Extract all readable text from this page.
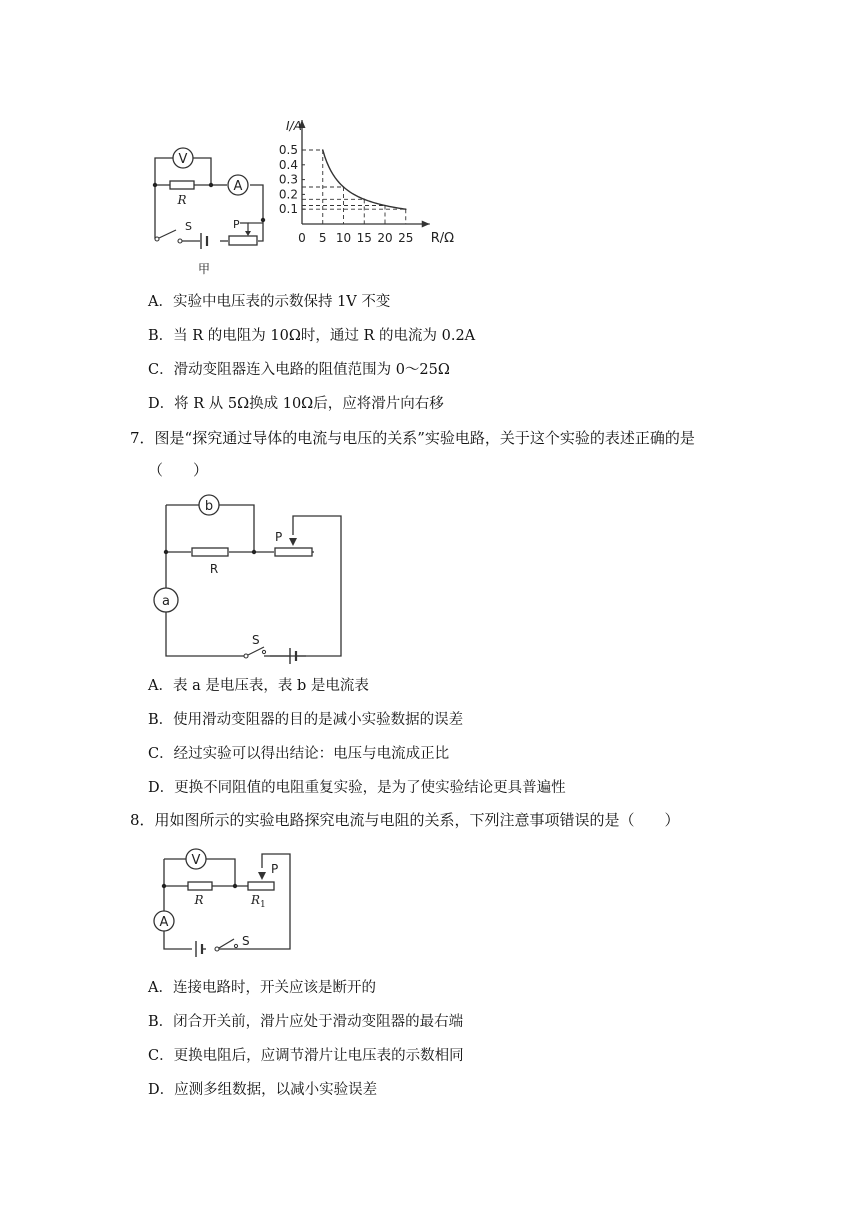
V
A
R
S	P
甲
I/A
R/Ω
0 5 10 15 20 25
0.1
0.2
0.3
0.4
0.5
A．实验中电压表的示数保持 1V 不变
B．当 R 的电阻为 10Ω时，通过 R 的电流为 0.2A
C．滑动变阻器连入电路的阻值范围为 0～25Ω
D．将 R 从 5Ω换成 10Ω后，应将滑片向右移
7．图是“探究通过导体的电流与电压的关系”实验电路，关于这个实验的表述正确的是
（　　）
b
a
R
P
S
A．表 a 是电压表，表 b 是电流表
B．使用滑动变阻器的目的是减小实验数据的误差
C．经过实验可以得出结论：电压与电流成正比
D．更换不同阻值的电阻重复实验，是为了使实验结论更具普遍性
8．用如图所示的实验电路探究电流与电阻的关系，下列注意事项错误的是（　　）
V
A
R
P
$R_1$
S
A．连接电路时，开关应该是断开的
B．闭合开关前，滑片应处于滑动变阻器的最右端
C．更换电阻后，应调节滑片让电压表的示数相同
D．应测多组数据，以减小实验误差
